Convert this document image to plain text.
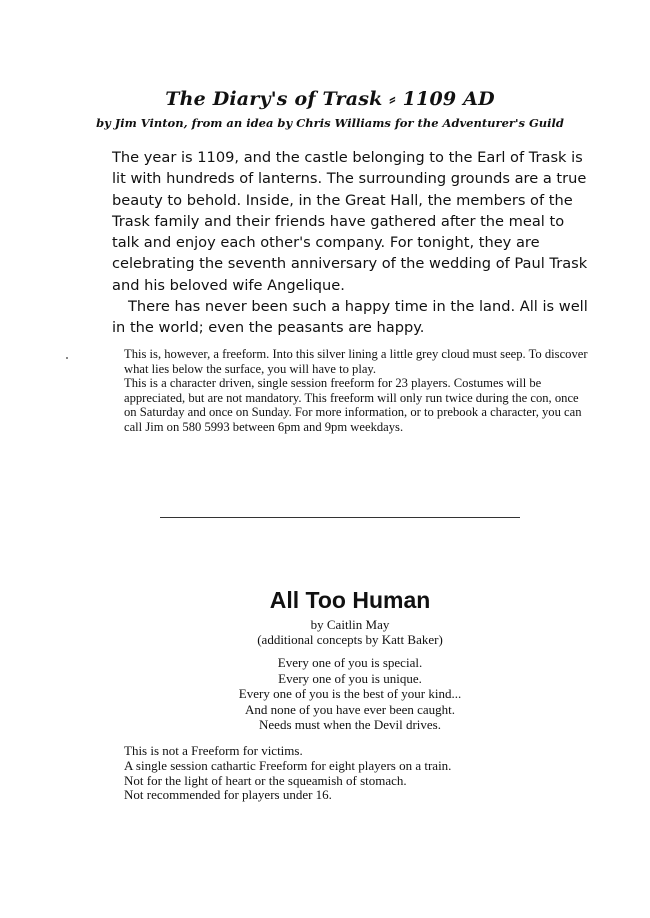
The Diary's of Trask ⸗ 1109 AD
by Jim Vinton, from an idea by Chris Williams for the Adventurer's Guild

The year is 1109, and the castle belonging to the Earl of Trask is lit with hundreds of lanterns. The surrounding grounds are a true beauty to behold. Inside, in the Great Hall, the members of the Trask family and their friends have gathered after the meal to talk and enjoy each other's company. For tonight, they are celebrating the seventh anniversary of the wedding of Paul Trask and his beloved wife Angelique.

There has never been such a happy time in the land. All is well in the world; even the peasants are happy.

This is, however, a freeform. Into this silver lining a little grey cloud must seep. To discover what lies below the surface, you will have to play.

This is a character driven, single session freeform for 23 players. Costumes will be appreciated, but are not mandatory. This freeform will only run twice during the con, once on Saturday and once on Sunday. For more information, or to prebook a character, you can call Jim on 580 5993 between 6pm and 9pm weekdays.

All Too Human
by Caitlin May
(additional concepts by Katt Baker)
Every one of you is special.
Every one of you is unique.
Every one of you is the best of your kind...
And none of you have ever been caught.
Needs must when the Devil drives.
This is not a Freeform for victims.
A single session cathartic Freeform for eight players on a train.
Not for the light of heart or the squeamish of stomach.
Not recommended for players under 16.
